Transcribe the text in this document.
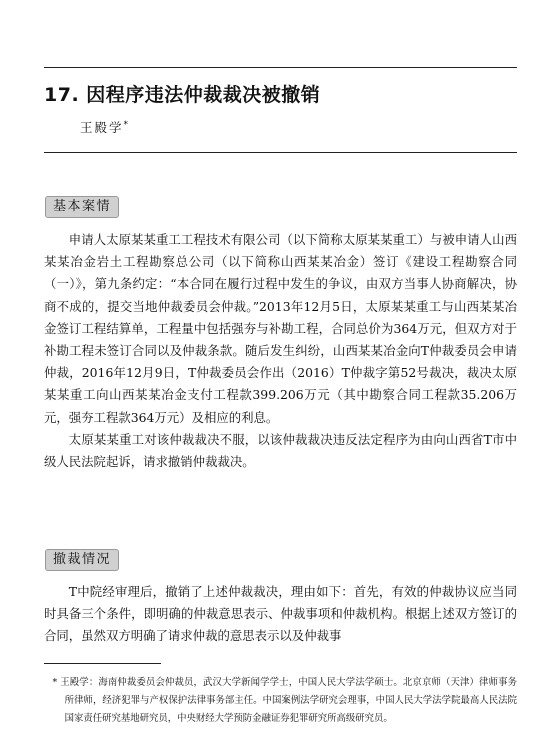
17. 因程序违法仲裁裁决被撤销
王殿学*
基本案情

申请人太原某某重工工程技术有限公司（以下简称太原某某重工）与被申请人山西某某冶金岩土工程勘察总公司（以下简称山西某某冶金）签订《建设工程勘察合同（一）》，第九条约定：“本合同在履行过程中发生的争议，由双方当事人协商解决，协商不成的，提交当地仲裁委员会仲裁。”2013年12月5日，太原某某重工与山西某某冶金签订工程结算单，工程量中包括强夯与补勘工程，合同总价为364万元，但双方对于补勘工程未签订合同以及仲裁条款。随后发生纠纷，山西某某冶金向T仲裁委员会申请仲裁，2016年12月9日，T仲裁委员会作出（2016）T仲裁字第52号裁决，裁决太原某某重工向山西某某冶金支付工程款399.206万元（其中勘察合同工程款35.206万元，强夯工程款364万元）及相应的利息。

太原某某重工对该仲裁裁决不服，以该仲裁裁决违反法定程序为由向山西省T市中级人民法院起诉，请求撤销仲裁裁决。

撤裁情况

T中院经审理后，撤销了上述仲裁裁决，理由如下：首先，有效的仲裁协议应当同时具备三个条件，即明确的仲裁意思表示、仲裁事项和仲裁机构。根据上述双方签订的合同，虽然双方明确了请求仲裁的意思表示以及仲裁事

* 王殿学：海南仲裁委员会仲裁员，武汉大学新闻学学士，中国人民大学法学硕士。北京京师（天津）律师事务所律师，经济犯罪与产权保护法律事务部主任。中国案例法学研究会理事，中国人民大学法学院最高人民法院国家责任研究基地研究员，中央财经大学预防金融证券犯罪研究所高级研究员。
